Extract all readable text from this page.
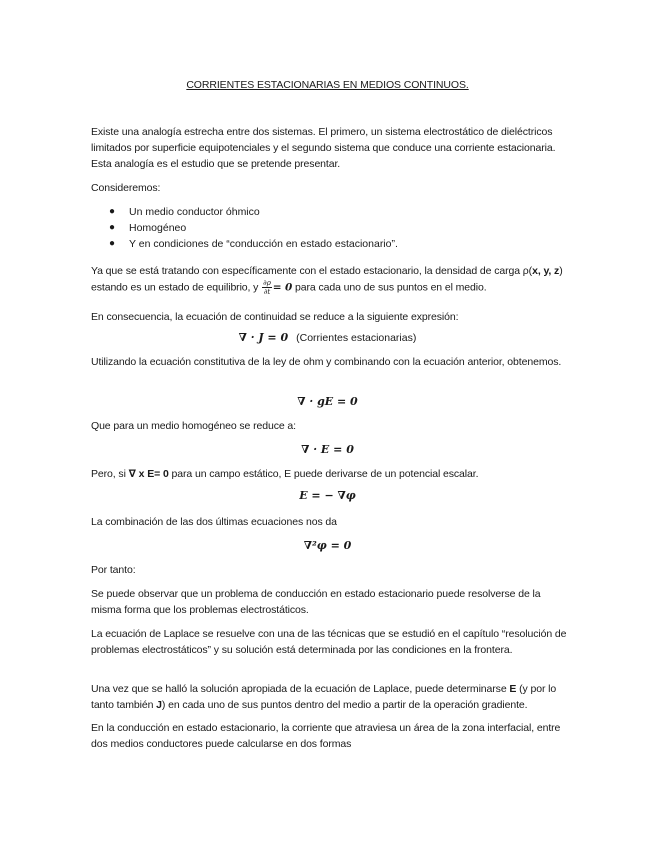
CORRIENTES ESTACIONARIAS EN MEDIOS CONTINUOS.

Existe una analogía estrecha entre dos sistemas. El primero, un sistema electrostático de dieléctricos limitados por superficie equipotenciales y el segundo sistema que conduce una corriente estacionaria. Esta analogía es el estudio que se pretende presentar.

Consideremos:

● Un medio conductor óhmico
● Homogéneo
● Y en condiciones de “conducción en estado estacionario”.

Ya que se está tratando con específicamente con el estado estacionario, la densidad de carga ρ(x, y, z) estando es un estado de equilibrio, y $\frac{\partial\rho}{\partial t} = 0$ para cada uno de sus puntos en el medio.

En consecuencia, la ecuación de continuidad se reduce a la siguiente expresión:

∇ · J = 0 (Corrientes estacionarias)

Utilizando la ecuación constitutiva de la ley de ohm y combinando con la ecuación anterior, obtenemos.

∇ · gE = 0

Que para un medio homogéneo se reduce a:

∇ · E = 0

Pero, si ∇ x E= 0 para un campo estático, E puede derivarse de un potencial escalar.

E = − ∇φ

La combinación de las dos últimas ecuaciones nos da

∇²φ = 0

Por tanto:

Se puede observar que un problema de conducción en estado estacionario puede resolverse de la misma forma que los problemas electrostáticos.

La ecuación de Laplace se resuelve con una de las técnicas que se estudió en el capítulo “resolución de problemas electrostáticos” y su solución está determinada por las condiciones en la frontera.

Una vez que se halló la solución apropiada de la ecuación de Laplace, puede determinarse E (y por lo tanto también J) en cada uno de sus puntos dentro del medio a partir de la operación gradiente.

En la conducción en estado estacionario, la corriente que atraviesa un área de la zona interfacial, entre dos medios conductores puede calcularse en dos formas
